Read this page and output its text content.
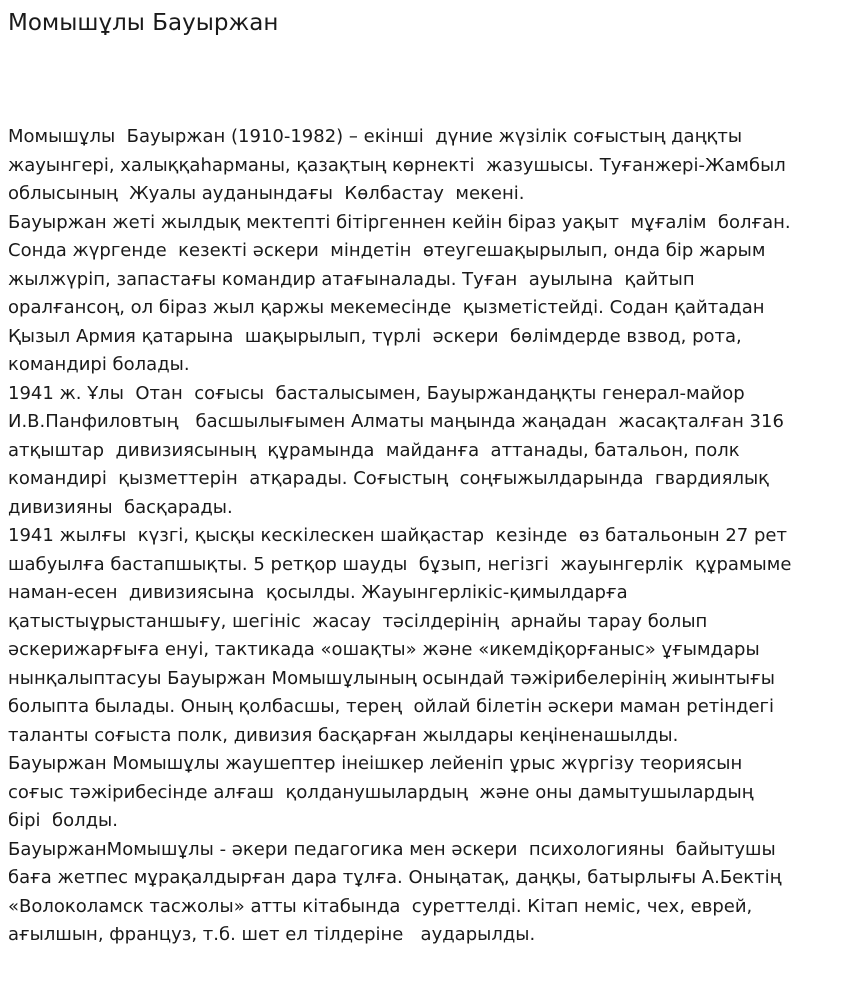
Момышұлы Бауыржан
Момышұлы  Бауыржан (1910-1982) – екінші  дүние жүзілік соғыстың даңқты
жауынгері, халыққаһарманы, қазақтың көрнекті  жазушысы. Туғанжері-Жамбыл
облысының  Жуалы ауданындағы  Көлбастау  мекені.
Бауыржан жеті жылдық мектепті бітіргеннен кейін біраз уақыт  мұғалім  болған.
Сонда жүргенде  кезекті әскери  міндетін  өтеугешақырылып, онда бір жарым
жылжүріп, запастағы командир атағыналады. Туған  ауылына  қайтып
оралғансоң, ол біраз жыл қаржы мекемесінде  қызметістейді. Содан қайтадан
Қызыл Армия қатарына  шақырылып, түрлі  әскери  бөлімдерде взвод, рота,
командирі болады.
1941 ж. Ұлы  Отан  соғысы  басталысымен, Бауыржандаңқты генерал-майор
И.В.Панфиловтың   басшылығымен Алматы маңында жаңадан  жасақталған 316
атқыштар  дивизиясының  құрамында  майданға  аттанады, батальон, полк
командирі  қызметтерін  атқарады. Соғыстың  соңғыжылдарында  гвардиялық
дивизияны  басқарады.
1941 жылғы  күзгі, қысқы кескілескен шайқастар  кезінде  өз батальонын 27 рет
шабуылға бастапшықты. 5 ретқор шауды  бұзып, негізгі  жауынгерлік  құрамыме
наман-есен  дивизиясына  қосылды. Жауынгерлікіс-қимылдарға
қатыстыұрыстаншығу, шегініс  жасау  тәсілдерінің  арнайы тарау болып
әскерижарғыға енуі, тактикада «ошақты» және «икемдіқорғаныс» ұғымдары
нынқалыптасуы Бауыржан Момышұлының осындай тәжірибелерінің жиынтығы
болыпта былады. Оның қолбасшы, терең  ойлай білетін әскери маман ретіндегі
таланты соғыста полк, дивизия басқарған жылдары кеңіненашылды.
Бауыржан Момышұлы жаушептер інеішкер лейеніп ұрыс жүргізу теориясын
соғыс тәжірибесінде алғаш  қолданушылардың  және оны дамытушылардың
бірі  болды.
БауыржанМомышұлы - әкери педагогика мен әскери  психологияны  байытушы
баға жетпес мұрақалдырған дара тұлға. Оныңатақ, даңқы, батырлығы А.Бектің
«Волоколамск тасжолы» атты кітабында  суреттелді. Кітап неміс, чех, еврей,
ағылшын, француз, т.б. шет ел тілдеріне   аударылды.
